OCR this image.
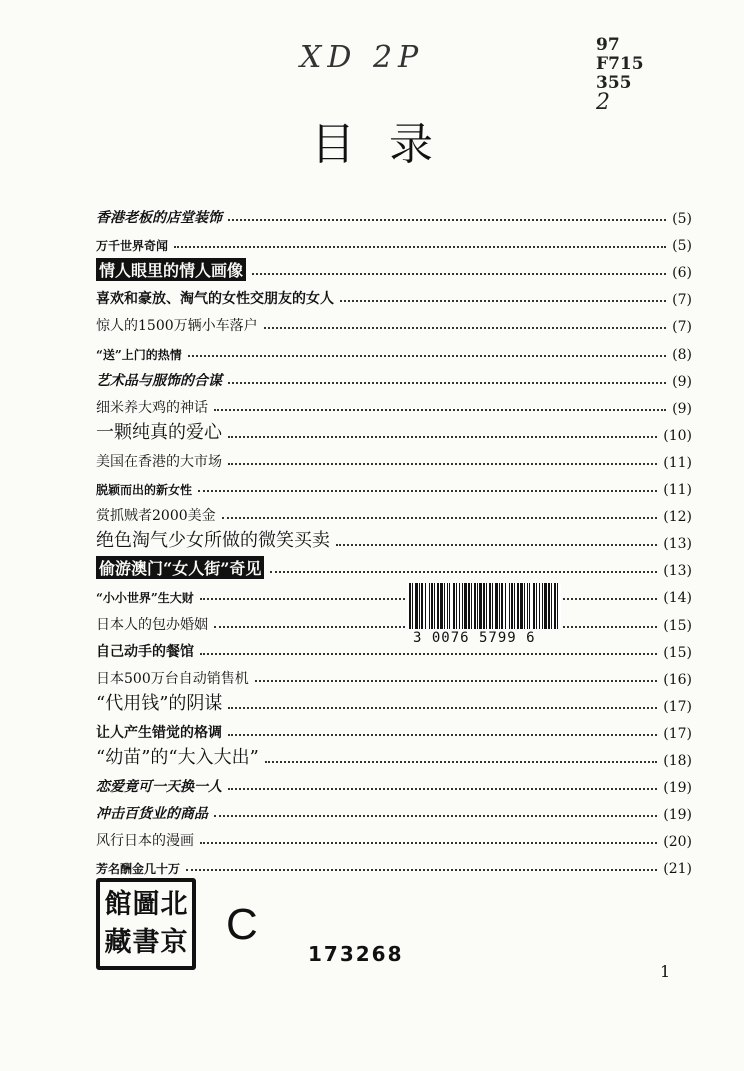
XD 2P	97
F715
355
2
目录
香港老板的店堂装饰	(5)
万千世界奇闻	(5)
情人眼里的情人画像	(6)
喜欢和豪放、淘气的女性交朋友的女人	(7)
惊人的1500万辆小车落户	(7)
“送”上门的热情	(8)
艺术品与服饰的合谋	(9)
细米养大鸡的神话	(9)
一颗纯真的爱心	(10)
美国在香港的大市场	(11)
脱颖而出的新女性	(11)
赏抓贼者2000美金	(12)
绝色淘气少女所做的微笑买卖	(13)
偷游澳门“女人街”奇见	(13)
“小小世界”生大财	(14)
日本人的包办婚姻	(15)
自己动手的餐馆	(15)
日本500万台自动销售机	(16)
“代用钱”的阴谋	(17)
让人产生错觉的格调	(17)
“幼苗”的“大入大出”	(18)
恋爱竟可一天换一人	(19)
冲击百货业的商品	(19)
风行日本的漫画	(20)
芳名酬金几十万	(21)
3 0076 5799 6
館 圖 北
藏 書 京 C
173268
1
